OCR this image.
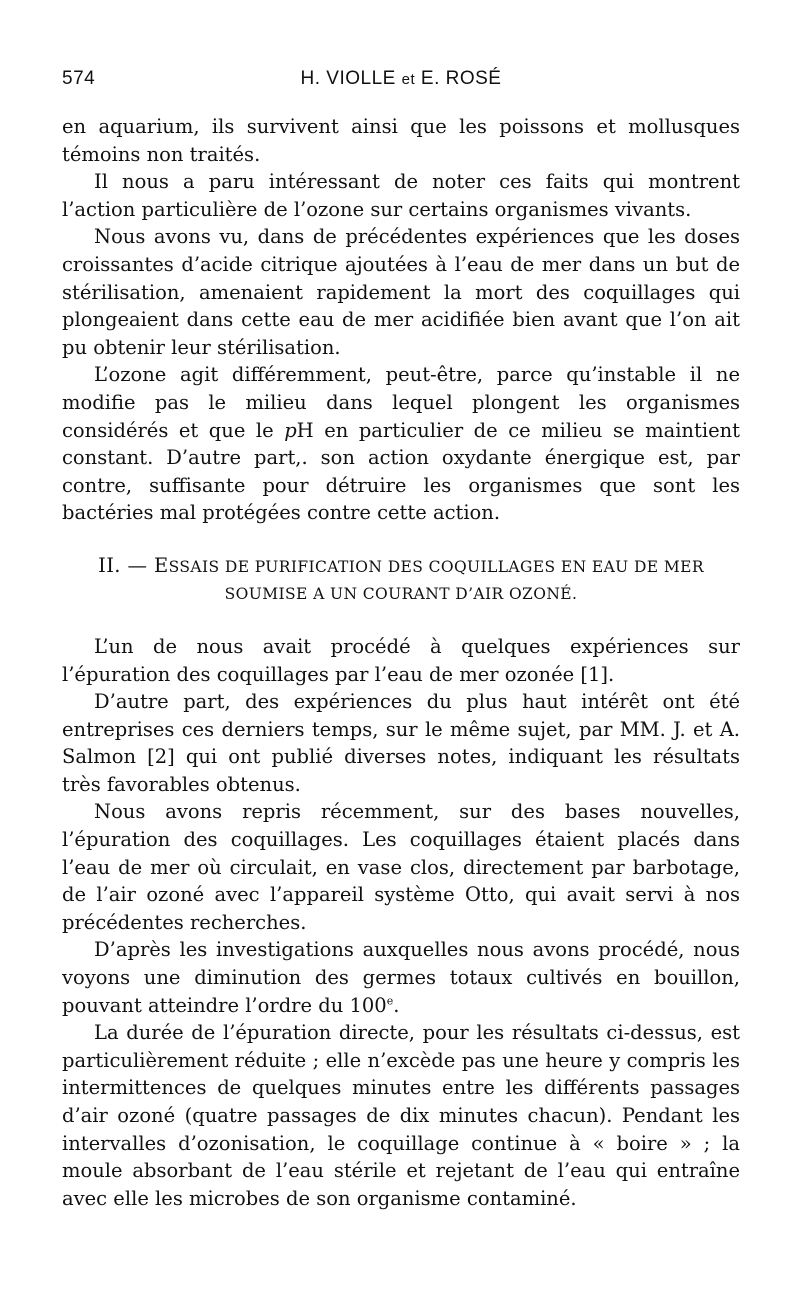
574	H. VIOLLE et E. ROSÉ

en aquarium, ils survivent ainsi que les poissons et mollusques témoins non traités.

Il nous a paru intéressant de noter ces faits qui montrent l’action particulière de l’ozone sur certains organismes vivants.

Nous avons vu, dans de précédentes expériences que les doses croissantes d’acide citrique ajoutées à l’eau de mer dans un but de stérilisation, amenaient rapidement la mort des coquillages qui plongeaient dans cette eau de mer acidifiée bien avant que l’on ait pu obtenir leur stérilisation.

L’ozone agit différemment, peut-être, parce qu’instable il ne modifie pas le milieu dans lequel plongent les organismes considérés et que le pH en particulier de ce milieu se maintient constant. D’autre part,. son action oxydante énergique est, par contre, suffisante pour détruire les organismes que sont les bactéries mal protégées contre cette action.

II. — ESSAIS DE PURIFICATION DES COQUILLAGES EN EAU DE MER
SOUMISE A UN COURANT D’AIR OZONÉ.

L’un de nous avait procédé à quelques expériences sur l’épuration des coquillages par l’eau de mer ozonée [1].

D’autre part, des expériences du plus haut intérêt ont été entreprises ces derniers temps, sur le même sujet, par MM. J. et A. Salmon [2] qui ont publié diverses notes, indiquant les résultats très favorables obtenus.

Nous avons repris récemment, sur des bases nouvelles, l’épuration des coquillages. Les coquillages étaient placés dans l’eau de mer où circulait, en vase clos, directement par barbotage, de l’air ozoné avec l’appareil système Otto, qui avait servi à nos précédentes recherches.

D’après les investigations auxquelles nous avons procédé, nous voyons une diminution des germes totaux cultivés en bouillon, pouvant atteindre l’ordre du 100e.

La durée de l’épuration directe, pour les résultats ci-dessus, est particulièrement réduite ; elle n’excède pas une heure y compris les intermittences de quelques minutes entre les différents passages d’air ozoné (quatre passages de dix minutes chacun). Pendant les intervalles d’ozonisation, le coquillage continue à « boire » ; la moule absorbant de l’eau stérile et rejetant de l’eau qui entraîne avec elle les microbes de son organisme contaminé.
